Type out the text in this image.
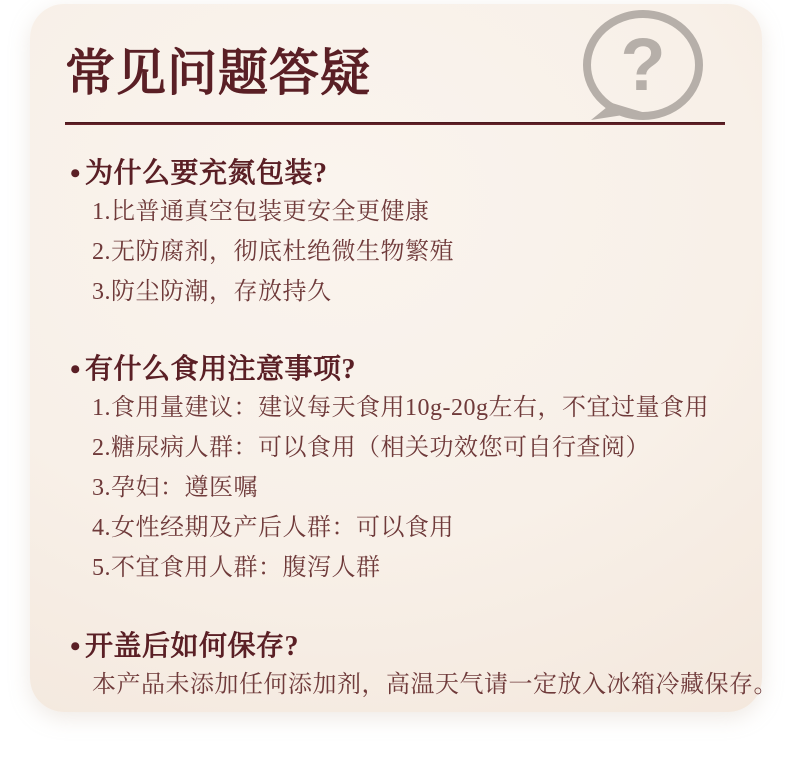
?
常见问题答疑
• 为什么要充氮包装?

1.比普通真空包装更安全更健康

2.无防腐剂，彻底杜绝微生物繁殖

3.防尘防潮，存放持久

• 有什么食用注意事项?

1.食用量建议：建议每天食用10g-20g左右，不宜过量食用

2.糖尿病人群：可以食用（相关功效您可自行查阅）

3.孕妇：遵医嘱

4.女性经期及产后人群：可以食用

5.不宜食用人群：腹泻人群

• 开盖后如何保存?

本产品未添加任何添加剂，高温天气请一定放入冰箱冷藏保存。
